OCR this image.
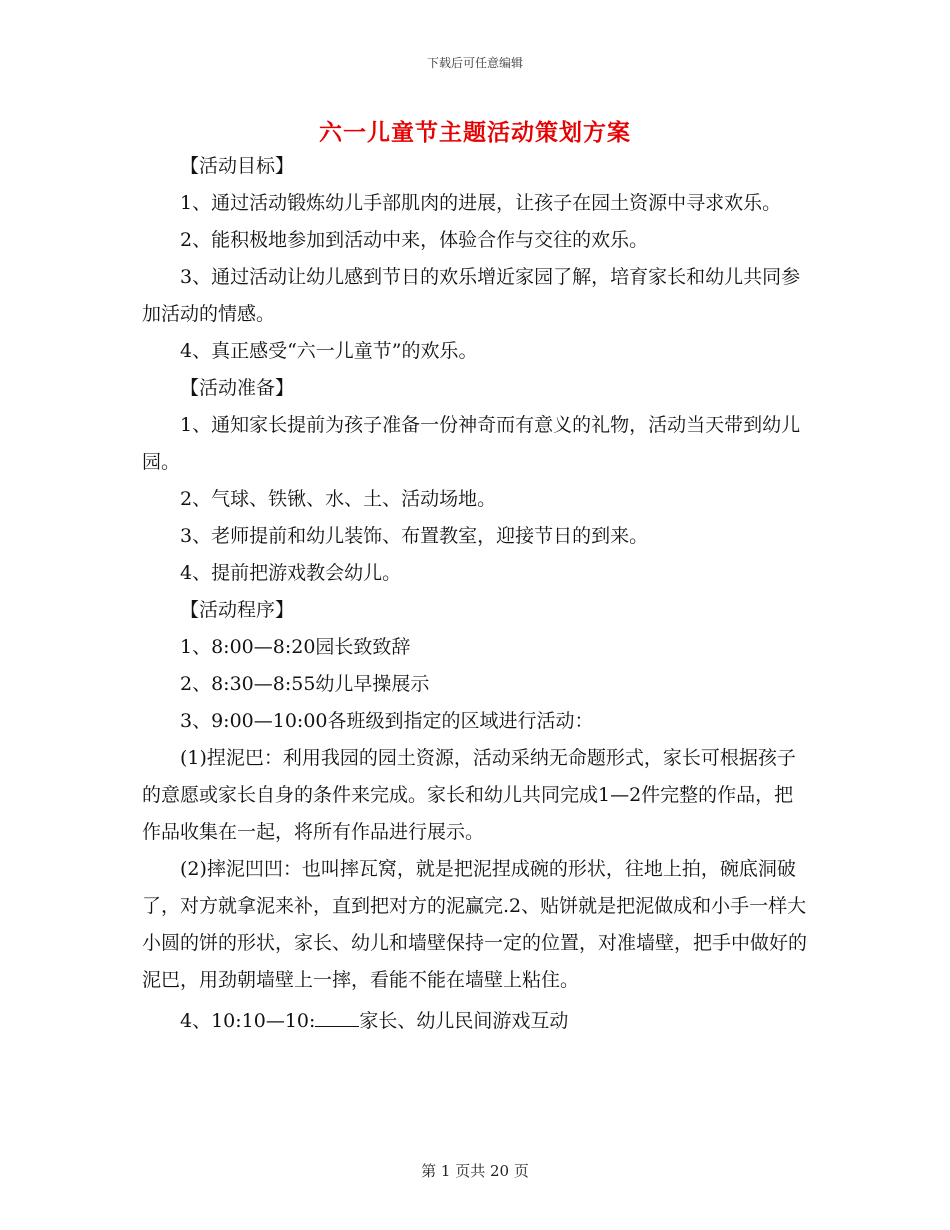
下载后可任意编辑
六一儿童节主题活动策划方案

【活动目标】

1、通过活动锻炼幼儿手部肌肉的进展，让孩子在园土资源中寻求欢乐。

2、能积极地参加到活动中来，体验合作与交往的欢乐。

3、通过活动让幼儿感到节日的欢乐增近家园了解，培育家长和幼儿共同参加活动的情感。

4、真正感受“六一儿童节”的欢乐。

【活动准备】

1、通知家长提前为孩子准备一份神奇而有意义的礼物，活动当天带到幼儿园。

2、气球、铁锹、水、土、活动场地。

3、老师提前和幼儿装饰、布置教室，迎接节日的到来。

4、提前把游戏教会幼儿。

【活动程序】

1、8:00—8:20园长致致辞

2、8:30—8:55幼儿早操展示

3、9:00—10:00各班级到指定的区域进行活动：

(1)捏泥巴：利用我园的园土资源，活动采纳无命题形式，家长可根据孩子的意愿或家长自身的条件来完成。家长和幼儿共同完成1—2件完整的作品，把作品收集在一起，将所有作品进行展示。

(2)摔泥凹凹：也叫摔瓦窝，就是把泥捏成碗的形状，往地上拍，碗底洞破了，对方就拿泥来补，直到把对方的泥赢完.2、贴饼就是把泥做成和小手一样大小圆的饼的形状，家长、幼儿和墙壁保持一定的位置，对准墙壁，把手中做好的泥巴，用劲朝墙壁上一摔，看能不能在墙壁上粘住。

4、10:10—10: 家长、幼儿民间游戏互动

第 1 页共 20 页
